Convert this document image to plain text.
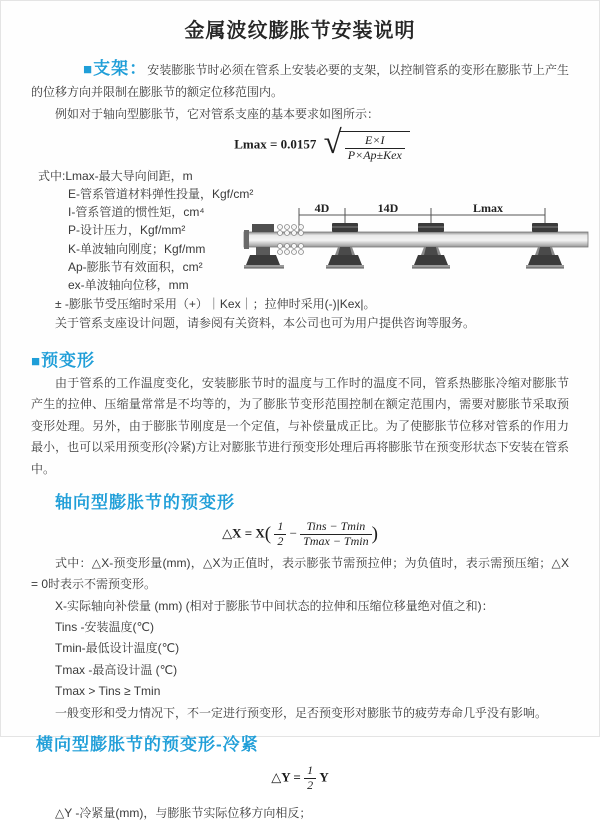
金属波纹膨胀节安装说明

■支架：安装膨胀节时必须在管系上安装必要的支架，以控制管系的变形在膨胀节上产生的位移方向并限制在膨胀节的额定位移范围内。

例如对于轴向型膨胀节，它对管系支座的基本要求如图所示：

Lmax = 0.0157 √ $\frac{E\times I}{\text{P×Ap±Kex}}$
式中:Lmax-最大导向间距，m
E-管系管道材料弹性投量，Kgf/cm²
I-管系管道的惯性矩，cm⁴
P-设计压力，Kgf/mm²
K-单波轴向刚度；Kgf/mm
Ap-膨胀节有效面积，cm²
ex-单波轴向位移，mm
4D	14D	Lmax

± -膨胀节受压缩时采用（+）｜Kex｜；拉伸时采用(-)|Kex|。

关于管系支座设计问题，请参阅有关资料，本公司也可为用户提供咨询等服务。

■预变形

由于管系的工作温度变化，安装膨胀节时的温度与工作时的温度不同，管系热膨胀冷缩对膨胀节产生的拉伸、压缩量常常是不均等的，为了膨胀节变形范围控制在额定范围内，需要对膨胀节采取预变形处理。另外，由于膨胀节刚度是一个定值，与补偿量成正比。为了使膨胀节位移对管系的作用力最小，也可以采用预变形(冷紧)方让对膨胀节进行预变形处理后再将膨胀节在预变形状态下安装在管系中。

轴向型膨胀节的预变形
△X = $X( \frac{1}{2} - \frac{\text{Tins − Tmin}}{Tmax - Tmin}$ )

式中：△X-预变形量(mm)，△X为正值时，表示膨张节需预拉伸；为负值时，表示需预压缩；△X = 0时表示不需预变形。

X-实际轴向补偿量 (mm) (相对于膨胀节中间状态的拉伸和压缩位移量绝对值之和)：
Tins -安装温度(℃)
Tmin-最低设计温度(℃)
Tmax -最高设计温 (℃)
Tmax > Tins ≥ Tmin

一般变形和受力情况下，不一定进行预变形，足否预变形对膨胀节的疲劳寿命几乎没有影响。

横向型膨胀节的预变形-冷紧
△Y = $\frac{1}{2}$ Y
△Y -冷紧量(mm)，与膨胀节实际位移方向相反；
